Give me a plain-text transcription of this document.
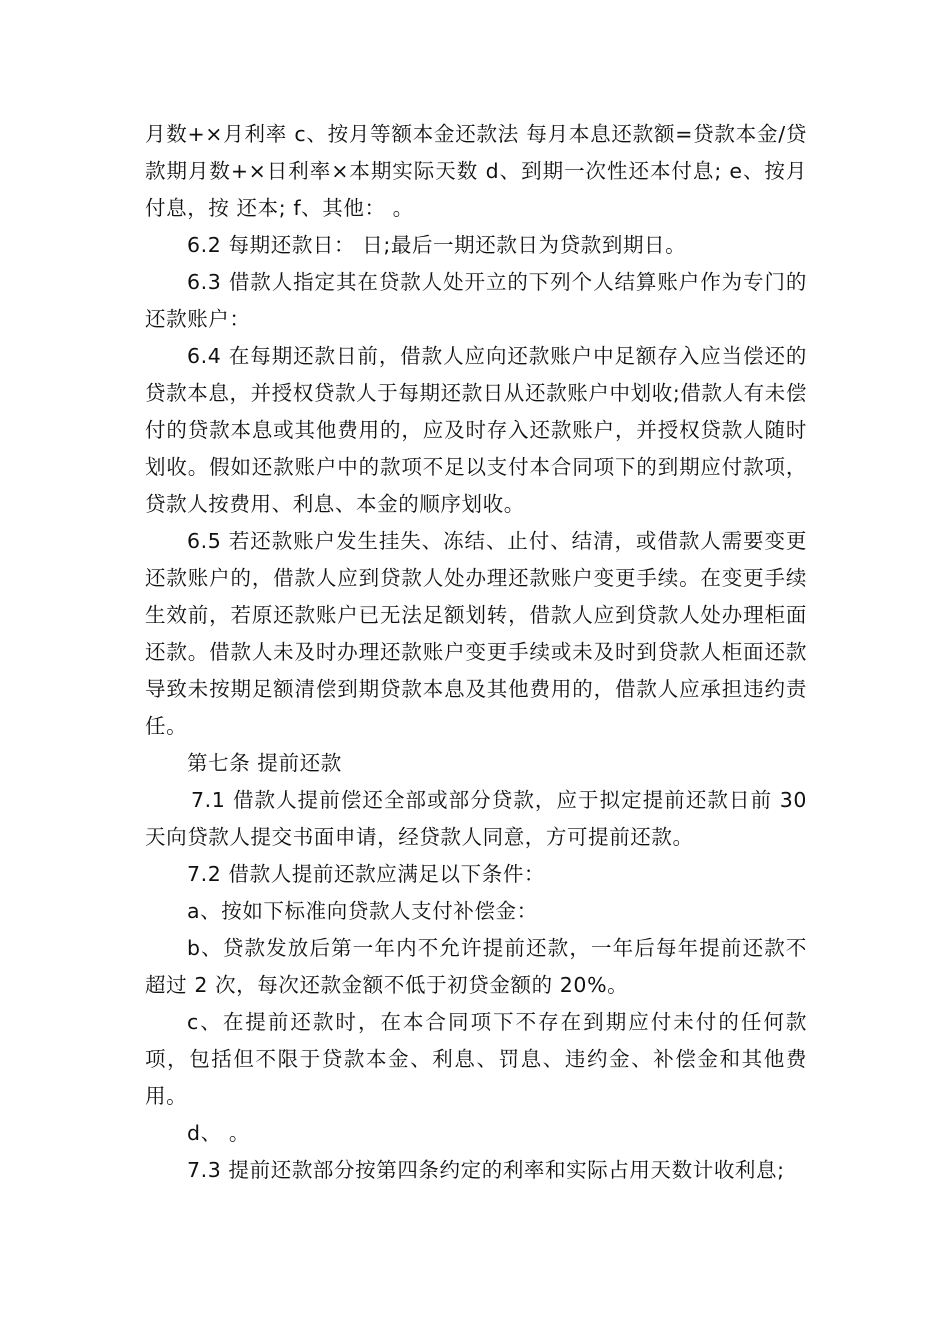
月数+×月利率 c、按月等额本金还款法 每月本息还款额=贷款本金/贷款期月数+×日利率×本期实际天数 d、到期一次性还本付息; e、按月付息，按 还本; f、其他： 。

6.2 每期还款日： 日;最后一期还款日为贷款到期日。

6.3 借款人指定其在贷款人处开立的下列个人结算账户作为专门的还款账户：

6.4 在每期还款日前，借款人应向还款账户中足额存入应当偿还的贷款本息，并授权贷款人于每期还款日从还款账户中划收;借款人有未偿付的贷款本息或其他费用的，应及时存入还款账户，并授权贷款人随时划收。假如还款账户中的款项不足以支付本合同项下的到期应付款项，贷款人按费用、利息、本金的顺序划收。

6.5 若还款账户发生挂失、冻结、止付、结清，或借款人需要变更还款账户的，借款人应到贷款人处办理还款账户变更手续。在变更手续生效前，若原还款账户已无法足额划转，借款人应到贷款人处办理柜面还款。借款人未及时办理还款账户变更手续或未及时到贷款人柜面还款导致未按期足额清偿到期贷款本息及其他费用的，借款人应承担违约责任。

第七条 提前还款

7.1 借款人提前偿还全部或部分贷款，应于拟定提前还款日前 30 天向贷款人提交书面申请，经贷款人同意，方可提前还款。

7.2 借款人提前还款应满足以下条件：

a、按如下标准向贷款人支付补偿金：

b、贷款发放后第一年内不允许提前还款，一年后每年提前还款不超过 2 次，每次还款金额不低于初贷金额的 20%。

c、在提前还款时，在本合同项下不存在到期应付未付的任何款项，包括但不限于贷款本金、利息、罚息、违约金、补偿金和其他费用。

d、 。

7.3 提前还款部分按第四条约定的利率和实际占用天数计收利息;
